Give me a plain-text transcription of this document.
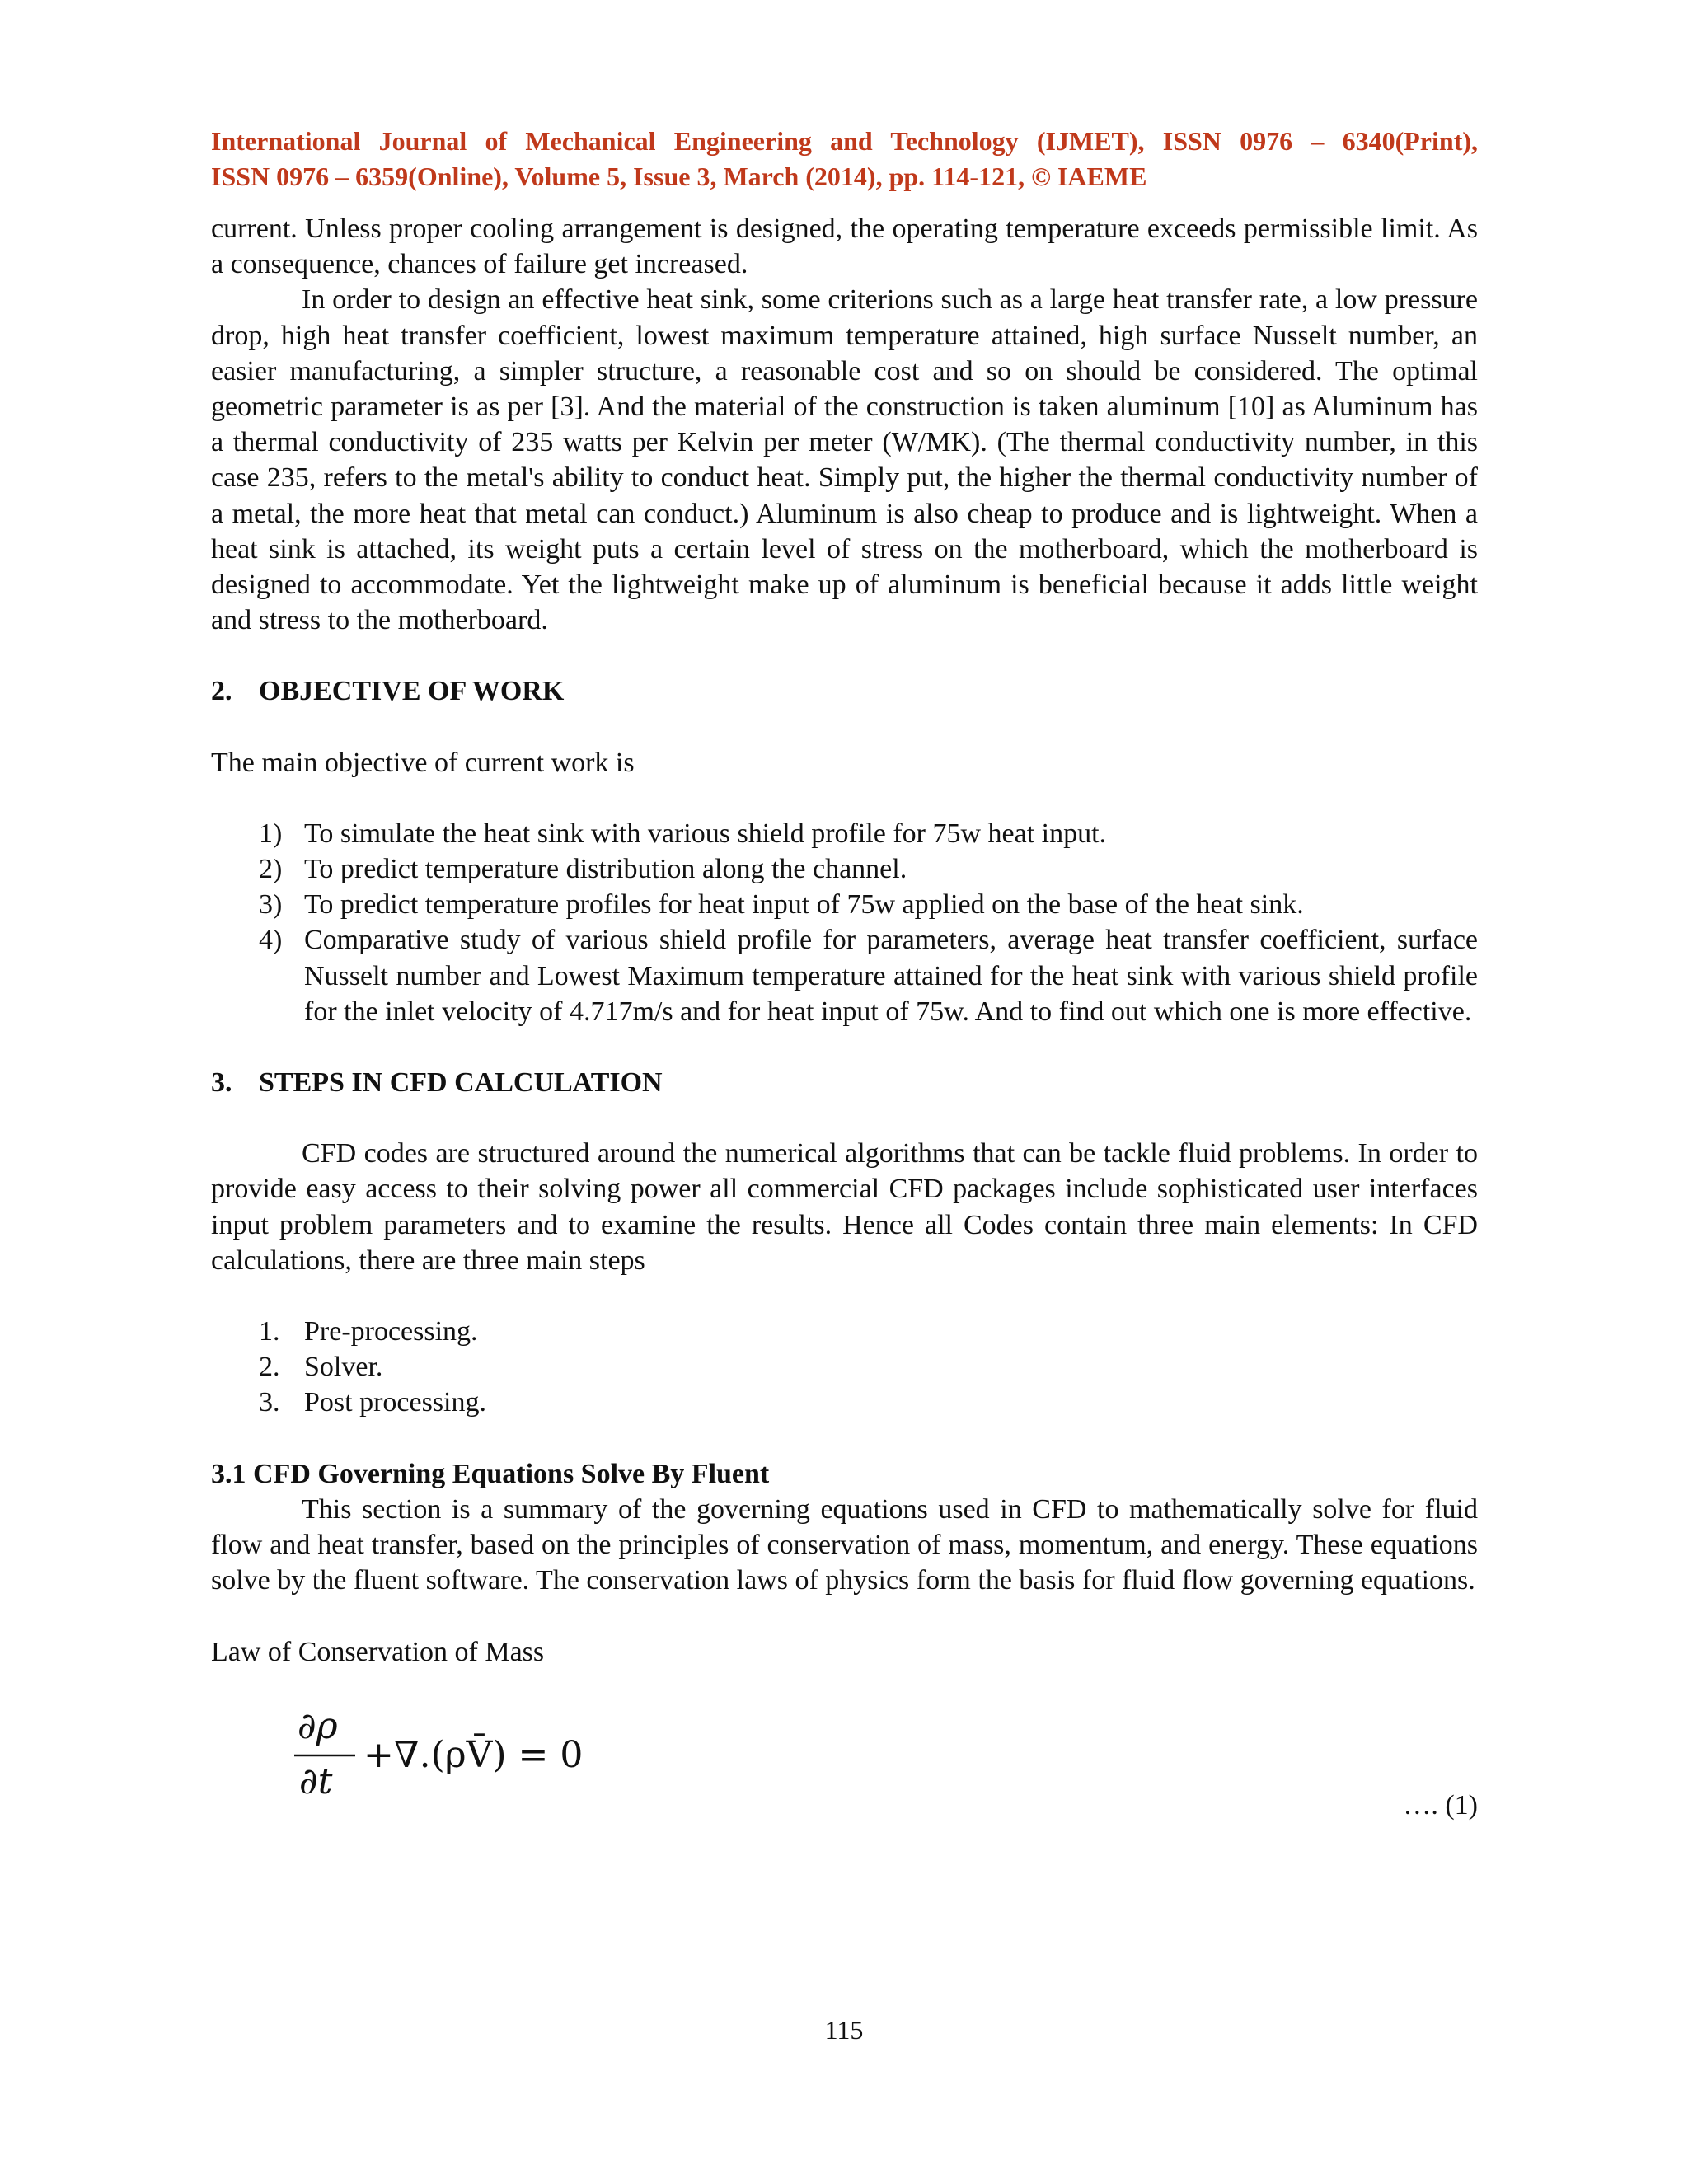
International Journal of Mechanical Engineering and Technology (IJMET), ISSN 0976 – 6340(Print),
ISSN 0976 – 6359(Online), Volume 5, Issue 3, March (2014), pp. 114-121, © IAEME

current. Unless proper cooling arrangement is designed, the operating temperature exceeds permissible limit. As a consequence, chances of failure get increased.

In order to design an effective heat sink, some criterions such as a large heat transfer rate, a low pressure drop, high heat transfer coefficient, lowest maximum temperature attained, high surface Nusselt number, an easier manufacturing, a simpler structure, a reasonable cost and so on should be considered. The optimal geometric parameter is as per [3]. And the material of the construction is taken aluminum [10] as Aluminum has a thermal conductivity of 235 watts per Kelvin per meter (W/MK). (The thermal conductivity number, in this case 235, refers to the metal's ability to conduct heat. Simply put, the higher the thermal conductivity number of a metal, the more heat that metal can conduct.) Aluminum is also cheap to produce and is lightweight. When a heat sink is attached, its weight puts a certain level of stress on the motherboard, which the motherboard is designed to accommodate. Yet the lightweight make up of aluminum is beneficial because it adds little weight and stress to the motherboard.

2. OBJECTIVE OF WORK

The main objective of current work is

1) To simulate the heat sink with various shield profile for 75w heat input.
2) To predict temperature distribution along the channel.
3) To predict temperature profiles for heat input of 75w applied on the base of the heat sink.
4) Comparative study of various shield profile for parameters, average heat transfer coefficient, surface Nusselt number and Lowest Maximum temperature attained for the heat sink with various shield profile for the inlet velocity of 4.717m/s and for heat input of 75w. And to find out which one is more effective.
3. STEPS IN CFD CALCULATION

CFD codes are structured around the numerical algorithms that can be tackle fluid problems. In order to provide easy access to their solving power all commercial CFD packages include sophisticated user interfaces input problem parameters and to examine the results. Hence all Codes contain three main elements: In CFD calculations, there are three main steps

1. Pre-processing.
2. Solver.
3. Post processing.
3.1 CFD Governing Equations Solve By Fluent

This section is a summary of the governing equations used in CFD to mathematically solve for fluid flow and heat transfer, based on the principles of conservation of mass, momentum, and energy. These equations solve by the fluent software. The conservation laws of physics form the basis for fluid flow governing equations.

Law of Conservation of Mass

∂ρ
∂t
+∇.(ρV̄) = 0
…. (1)
115
